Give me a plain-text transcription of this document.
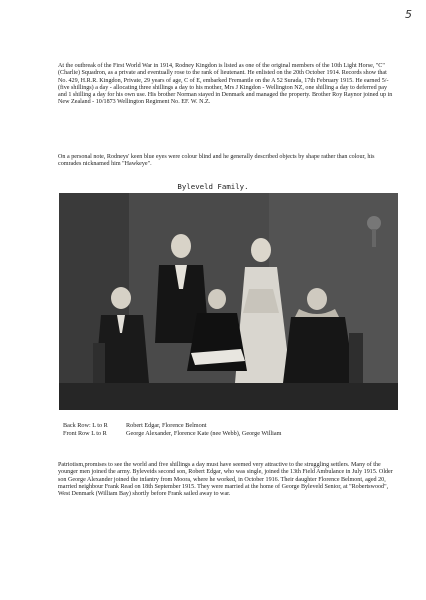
5

At the outbreak of the First World War in 1914, Rodney Kingdon is listed as one of the original members of the 10th Light Horse, "C" (Charlie) Squadron, as a private and eventually rose to the rank of lieutenant. He enlisted on the 20th October 1914. Records show that No. 429, H.R.R. Kingdon, Private, 29 years of age, C of E, embarked Fremantle on the A 52 Surada, 17th February 1915. He earned 5/- (five shillings) a day - allocating three shillings a day to his mother, Mrs J Kingdon - Wellington NZ, one shilling a day to deferred pay and 1 shilling a day for his own use. His brother Norman stayed in Denmark and managed the property. Brother Roy Raynor joined up in New Zealand - 10/1873 Wellington Regiment No. EF. W. N.Z.

On a personal note, Rodneys' keen blue eyes were colour blind and he generally described objects by shape rather than colour, his comrades nicknamed him "Hawkeye".

Byleveld Family.
Back Row: L to R	Robert Edgar, Florence Belmont
Front Row L to R	George Alexander, Florence Kate (nee Webb), George William

Patriotism,promises to see the world and five shillings a day must have seemed very attractive to the struggling settlers. Many of the younger men joined the army. Byleveids second son, Robert Edgar, who was single, joined the 13th Field Ambulance in July 1915. Older son George Alexander joined the infantry from Moora, where he worked, in October 1916. Their daughter Florence Belmont, aged 20, married neighbour Frank Read on 18th September 1915. They were married at the home of George Byleveld Senior, at "Robertswood", West Denmark (William Bay) shortly before Frank sailed away to war.
